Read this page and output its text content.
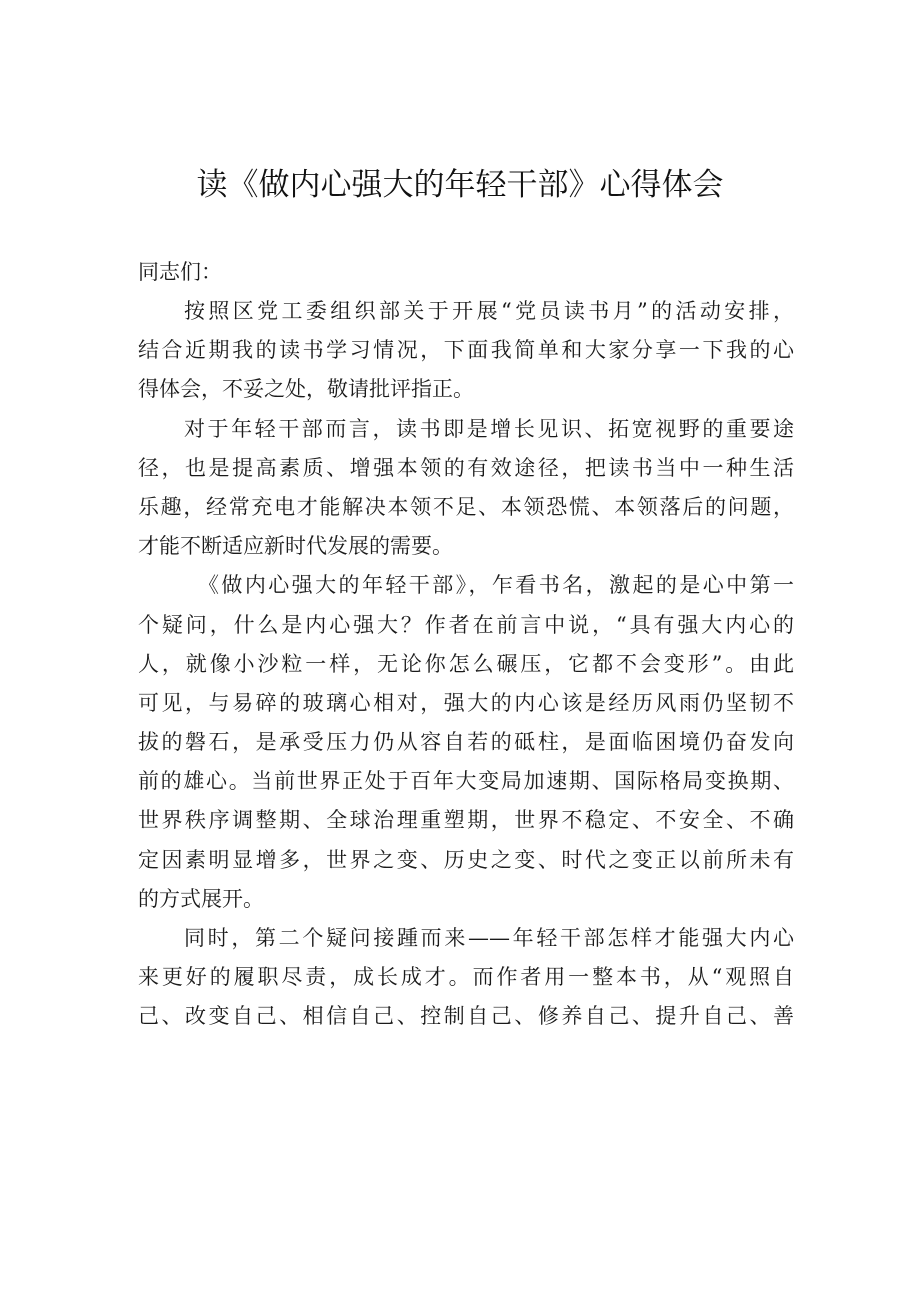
读《做内心强大的年轻干部》心得体会

同志们：

按照区党工委组织部关于开展“党员读书月”的活动安排，
结合近期我的读书学习情况，下面我简单和大家分享一下我的心
得体会，不妥之处，敬请批评指正。
对于年轻干部而言，读书即是增长见识、拓宽视野的重要途
径，也是提高素质、增强本领的有效途径，把读书当中一种生活
乐趣，经常充电才能解决本领不足、本领恐慌、本领落后的问题，
才能不断适应新时代发展的需要。
《做内心强大的年轻干部》，乍看书名，激起的是心中第一
个疑问，什么是内心强大？作者在前言中说，“具有强大内心的
人，就像小沙粒一样，无论你怎么碾压，它都不会变形”。由此
可见，与易碎的玻璃心相对，强大的内心该是经历风雨仍坚韧不
拔的磐石，是承受压力仍从容自若的砥柱，是面临困境仍奋发向
前的雄心。当前世界正处于百年大变局加速期、国际格局变换期、
世界秩序调整期、全球治理重塑期，世界不稳定、不安全、不确
定因素明显增多，世界之变、历史之变、时代之变正以前所未有
的方式展开。
同时，第二个疑问接踵而来——年轻干部怎样才能强大内心
来更好的履职尽责，成长成才。而作者用一整本书，从“观照自
己、改变自己、相信自己、控制自己、修养自己、提升自己、善
